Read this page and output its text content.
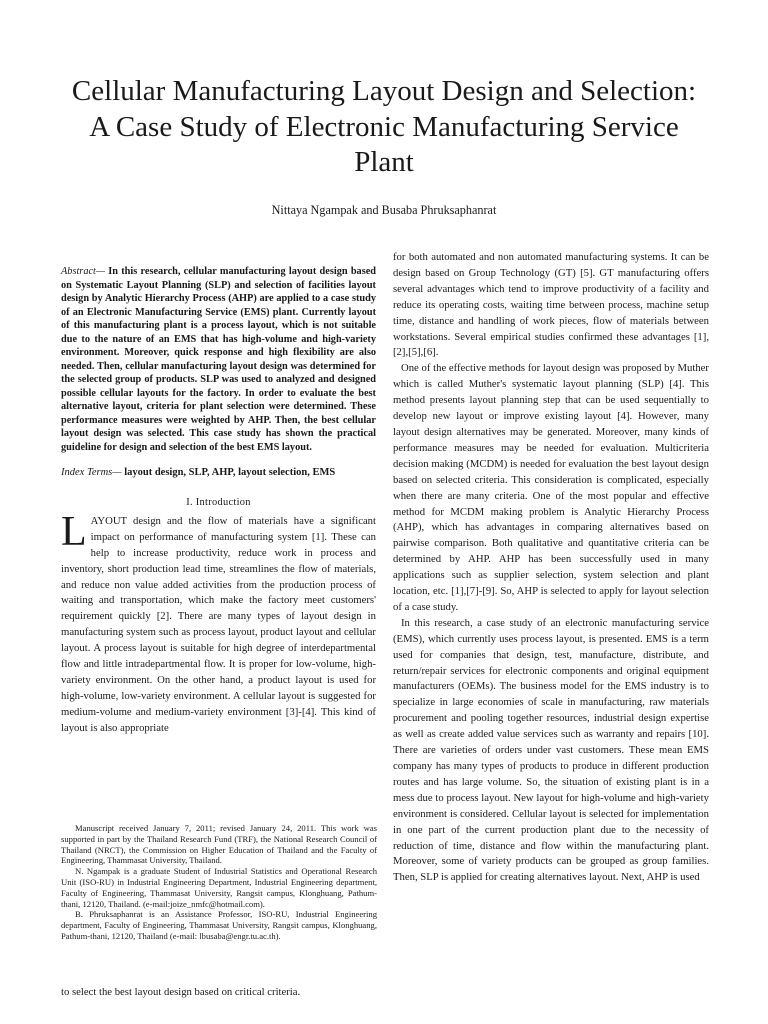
Cellular Manufacturing Layout Design and Selection: A Case Study of Electronic Manufacturing Service Plant
Nittaya Ngampak and Busaba Phruksaphanrat

Abstract— In this research, cellular manufacturing layout design based on Systematic Layout Planning (SLP) and selection of facilities layout design by Analytic Hierarchy Process (AHP) are applied to a case study of an Electronic Manufacturing Service (EMS) plant. Currently layout of this manufacturing plant is a process layout, which is not suitable due to the nature of an EMS that has high-volume and high-variety environment. Moreover, quick response and high flexibility are also needed. Then, cellular manufacturing layout design was determined for the selected group of products. SLP was used to analyzed and designed possible cellular layouts for the factory. In order to evaluate the best alternative layout, criteria for plant selection were determined. These performance measures were weighted by AHP. Then, the best cellular layout design was selected. This case study has shown the practical guideline for design and selection of the best EMS layout.

Index Terms— layout design, SLP, AHP, layout selection, EMS

I. Introduction

LAYOUT design and the flow of materials have a significant impact on performance of manufacturing system [1]. These can help to increase productivity, reduce work in process and inventory, short production lead time, streamlines the flow of materials, and reduce non value added activities from the production process of waiting and transportation, which make the factory meet customers' requirement quickly [2]. There are many types of layout design in manufacturing system such as process layout, product layout and cellular layout. A process layout is suitable for high degree of interdepartmental flow and little intradepartmental flow. It is proper for low-volume, high-variety environment. On the other hand, a product layout is used for high-volume, low-variety environment. A cellular layout is suggested for medium-volume and medium-variety environment [3]-[4]. This kind of layout is also appropriate

Manuscript received January 7, 2011; revised January 24, 2011. This work was supported in part by the Thailand Research Fund (TRF), the National Research Council of Thailand (NRCT), the Commission on Higher Education of Thailand and the Faculty of Engineering, Thammasat University, Thailand.

N. Ngampak is a graduate Student of Industrial Statistics and Operational Research Unit (ISO-RU) in Industrial Engineering Department, Industrial Engineering department, Faculty of Engineering, Thammasat University, Rangsit campus, Klonghuang, Pathum-thani, 12120, Thailand. (e-mail:joize_nmfc@hotmail.com).

B. Phruksaphanrat is an Assistance Professor, ISO-RU, Industrial Engineering department, Faculty of Engineering, Thammasat University, Rangsit campus, Klonghuang, Pathum-thani, 12120, Thailand (e-mail: lbusaba@engr.tu.ac.th).

to select the best layout design based on critical criteria.

for both automated and non automated manufacturing systems. It can be design based on Group Technology (GT) [5]. GT manufacturing offers several advantages which tend to improve productivity of a facility and reduce its operating costs, waiting time between process, machine setup time, distance and handling of work pieces, flow of materials between workstations. Several empirical studies confirmed these advantages [1],[2],[5],[6].

One of the effective methods for layout design was proposed by Muther which is called Muther's systematic layout planning (SLP) [4]. This method presents layout planning step that can be used sequentially to develop new layout or improve existing layout [4]. However, many layout design alternatives may be generated. Moreover, many kinds of performance measures may be needed for evaluation. Multicriteria decision making (MCDM) is needed for evaluation the best layout design based on selected criteria. This consideration is complicated, especially when there are many criteria. One of the most popular and effective method for MCDM making problem is Analytic Hierarchy Process (AHP), which has advantages in comparing alternatives based on pairwise comparison. Both qualitative and quantitative criteria can be determined by AHP. AHP has been successfully used in many applications such as supplier selection, system selection and plant location, etc. [1],[7]-[9]. So, AHP is selected to apply for layout selection of a case study.

In this research, a case study of an electronic manufacturing service (EMS), which currently uses process layout, is presented. EMS is a term used for companies that design, test, manufacture, distribute, and return/repair services for electronic components and original equipment manufacturers (OEMs). The business model for the EMS industry is to specialize in large economies of scale in manufacturing, raw materials procurement and pooling together resources, industrial design expertise as well as create added value services such as warranty and repairs [10]. There are varieties of orders under vast customers. These mean EMS company has many types of products to produce in different production routes and has large volume. So, the situation of existing plant is in a mess due to process layout. New layout for high-volume and high-variety environment is considered. Cellular layout is selected for implementation in one part of the current production plant due to the necessity of reduction of time, distance and flow within the manufacturing plant. Moreover, some of variety products can be grouped as group families. Then, SLP is applied for creating alternatives layout. Next, AHP is used
